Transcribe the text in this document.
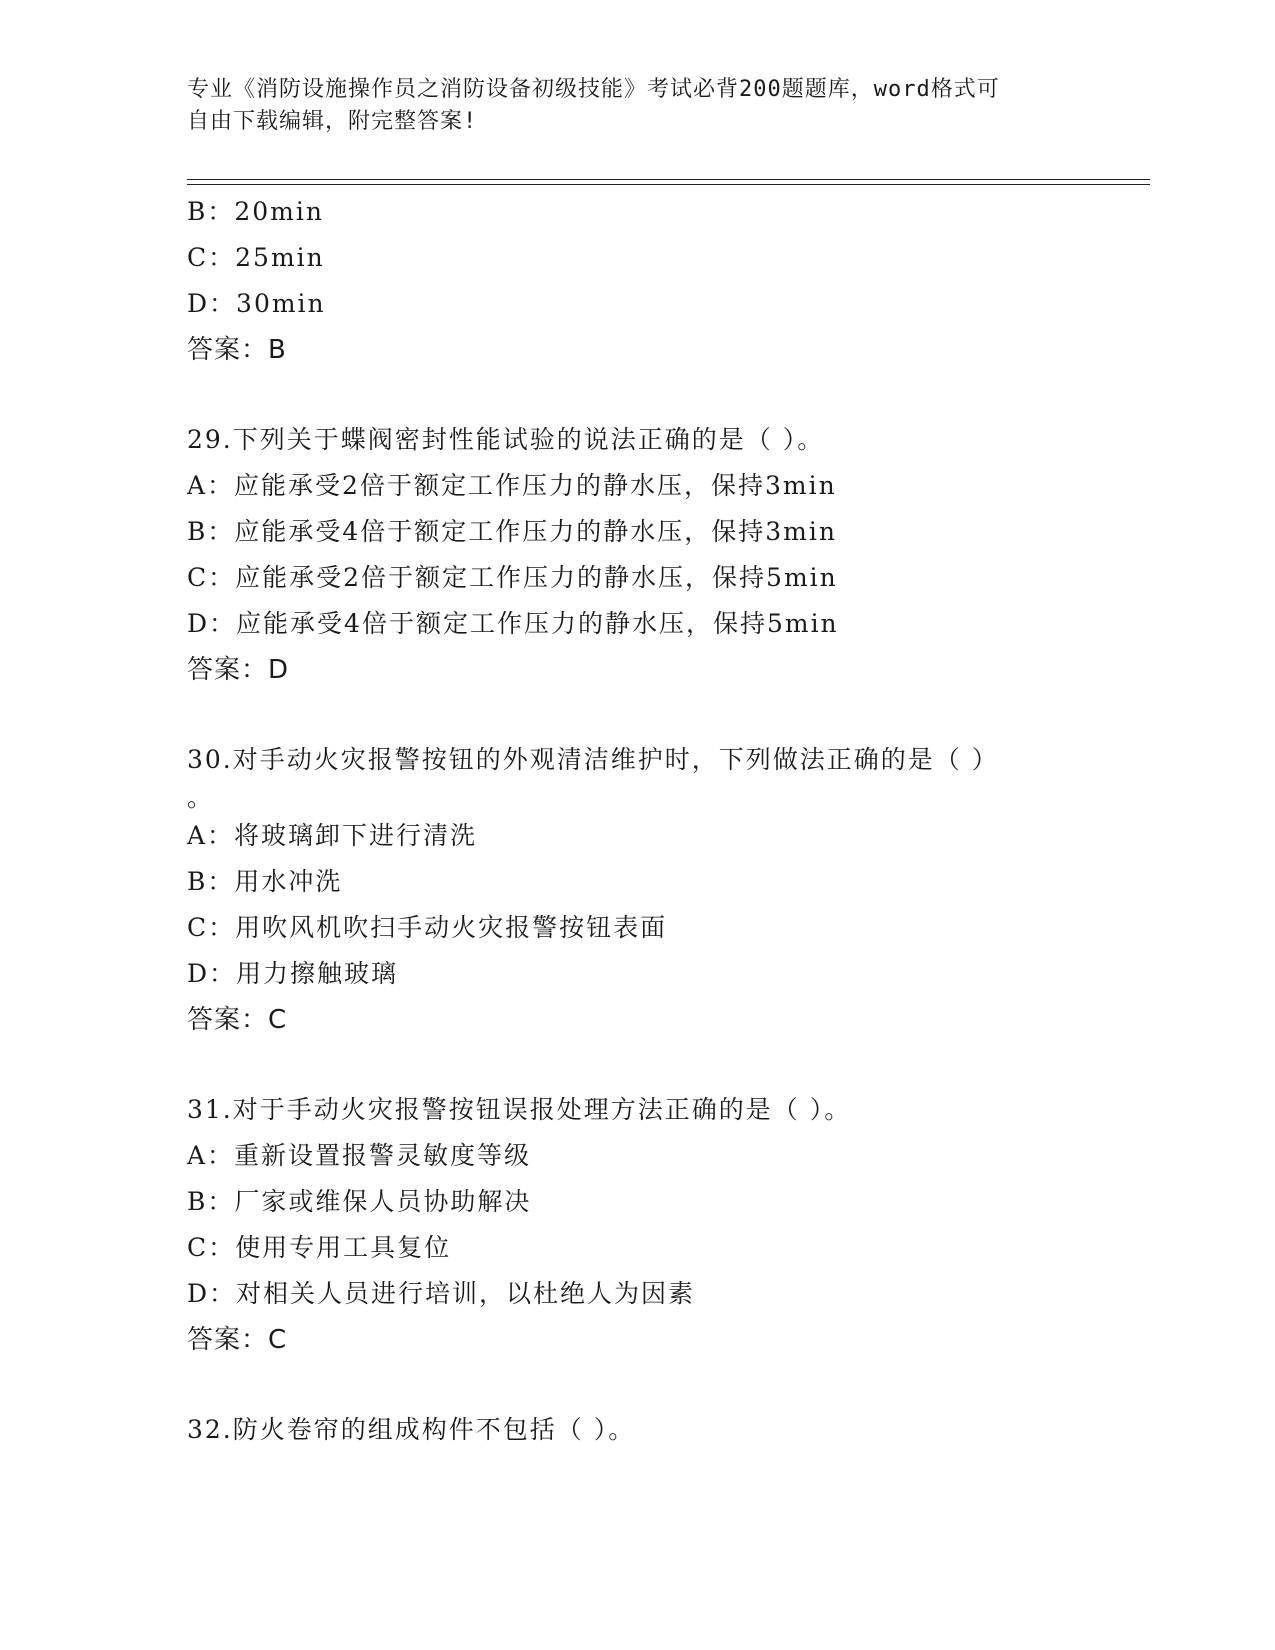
专业《消防设施操作员之消防设备初级技能》考试必背200题题库，word格式可
自由下载编辑，附完整答案!
B：20min
C：25min
D：30min
答案：B
29.下列关于蝶阀密封性能试验的说法正确的是（ ）。
A：应能承受2倍于额定工作压力的静水压，保持3min
B：应能承受4倍于额定工作压力的静水压，保持3min
C：应能承受2倍于额定工作压力的静水压，保持5min
D：应能承受4倍于额定工作压力的静水压，保持5min
答案：D
30.对手动火灾报警按钮的外观清洁维护时，下列做法正确的是（ ）
。
A：将玻璃卸下进行清洗
B：用水冲洗
C：用吹风机吹扫手动火灾报警按钮表面
D：用力擦触玻璃
答案：C
31.对于手动火灾报警按钮误报处理方法正确的是（ ）。
A：重新设置报警灵敏度等级
B：厂家或维保人员协助解决
C：使用专用工具复位
D：对相关人员进行培训，以杜绝人为因素
答案：C
32.防火卷帘的组成构件不包括（ ）。
